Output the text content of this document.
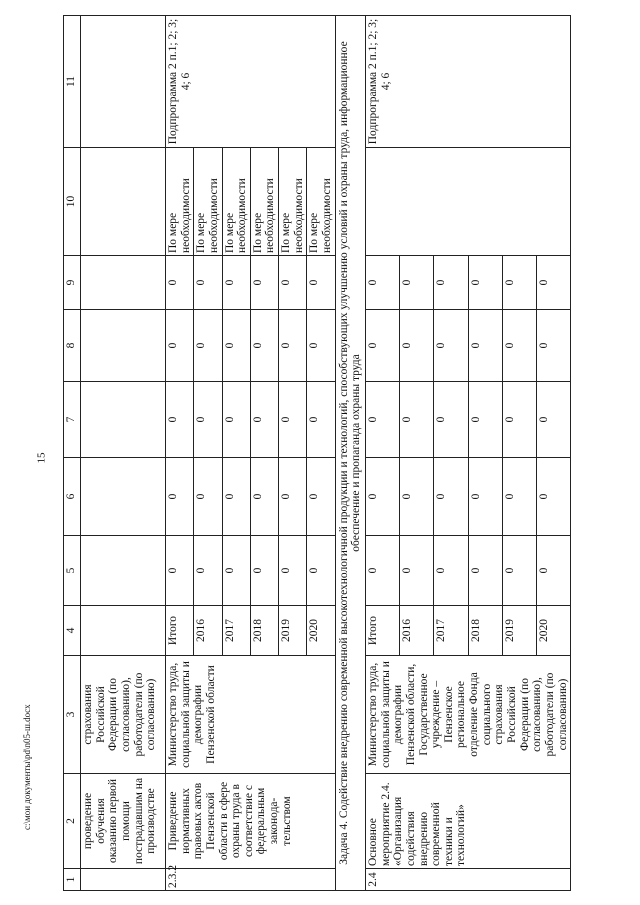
15
c:\мои документы\pd\n05-ш.docx
1	2	3	4	5	6	7	8	9	10	11
	проведение обучения оказанию первой помощи пострадавшим на производстве	страхования Российской Федерации (по согласованию), работодатели (по согласованию)								
2.3.2	Приведение нормативных правовых актов Пензенской области в сфере охраны труда в соответствие с федеральным законода-тельством	Министерство труда, социальной защиты и демографии Пензенской области	Итого	0	0	0	0	0	По мере необходимости	Подпрограмма 2 п.1; 2; 3; 4; 6
			2016	0	0	0	0	0	По мере необходимости	
			2017	0	0	0	0	0	По мере необходимости	
			2018	0	0	0	0	0	По мере необходимости	
			2019	0	0	0	0	0	По мере необходимости	
			2020	0	0	0	0	0	По мере необходимости	
Задача 4. Содействие внедрению современной высокотехнологичной продукции и технологий, способствующих улучшению условий и охраны труда, информационное обеспечение и пропаганда охраны труда										
2.4	Основное мероприятие 2.4. «Организация содействия внедрению современной техники и технологий»	Министерство труда, социальной защиты и демографии Пензенской области, Государственное учреждение – Пензенское региональное отделение Фонда социального страхования Российской Федерации (по согласованию), работодатели (по согласованию)	Итого	0	0	0	0	0		Подпрограмма 2 п.1; 2; 3; 4; 6
			2016	0	0	0	0	0		
			2017	0	0	0	0	0		
			2018	0	0	0	0	0		
			2019	0	0	0	0	0		
			2020	0	0	0	0	0		
